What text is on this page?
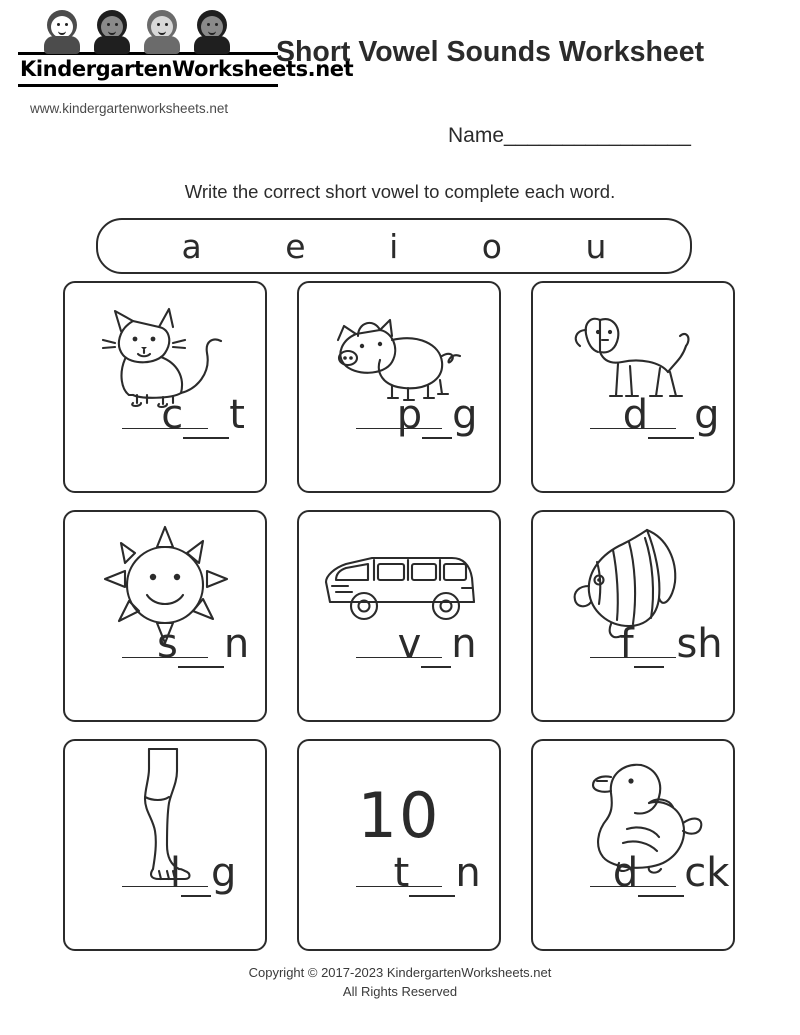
KindergartenWorksheets.net
www.kindergartenworksheets.net
Short Vowel Sounds Worksheet
Name________________
Write the correct short vowel to complete each word.
a	e	i	o	u

c t
	p g
	d g

s n
	v n
	f  sh

l g

10

t n
	d ck

Copyright © 2017-2023 KindergartenWorksheets.net
All Rights Reserved
